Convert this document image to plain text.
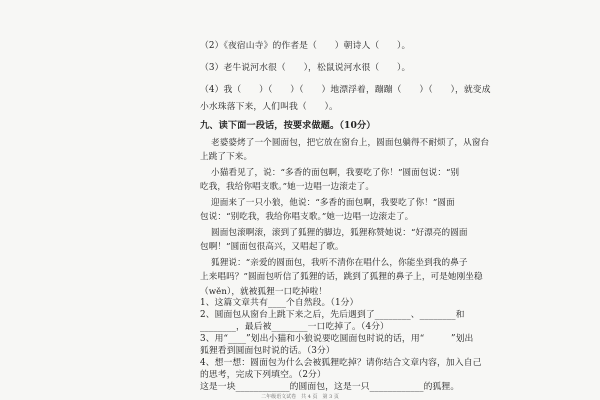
（2）《夜宿山寺》的作者是（　　）朝诗人（　　）。
（3）老牛说河水很（　　），松鼠说河水很（　　）。
（4）我（　　）（　　）（　　）地漂浮着，蹦蹦（　　）（　　），就变成
小水珠落下来，人们叫我（　　）。
九、读下面一段话，按要求做题。（10分）
老婆婆烤了一个圆面包，把它放在窗台上，圆面包躺得不耐烦了，从窗台
上跳了下来。
小猫看见了，说：“多香的面包啊，我要吃了你！”圆面包说：“别
吃我，我给你唱支歌。”她一边唱一边滚走了。
迎面来了一只小狼，他说：“多香的面包啊，我要吃了你！”圆面
包说：“别吃我，我给你唱支歌。”她一边唱一边滚走了。
圆面包滚啊滚，滚到了狐狸的脚边，狐狸称赞她说：“好漂亮的圆面
包啊！”圆面包很高兴，又唱起了歌。
狐狸说：“亲爱的圆面包，我听不清你在唱什么，你能坐到我的鼻子
上来唱吗？”圆面包听信了狐狸的话，跳到了狐狸的鼻子上，可是她刚坐稳
（wěn），就被狐狸一口吃掉啦！
二年级语文试卷　共 4 页　第 3 页
1、这篇文章共有____个自然段。（1分）
2、圆面包从窗台上跳下来之后，先后遇到了________、________和
________，最后被________一口吃掉了。（4分）
3、用“____”划出小猫和小狼说要吃圆面包时说的话，用“　　　”划出
狐狸看到圆面包时说的话。（3分）
4、想一想：圆面包为什么会被狐狸吃掉？请你结合文章内容，加入自己
的思考，完成下列填空。（2分）
这是一块____________的圆面包，这是一只____________的狐狸。
